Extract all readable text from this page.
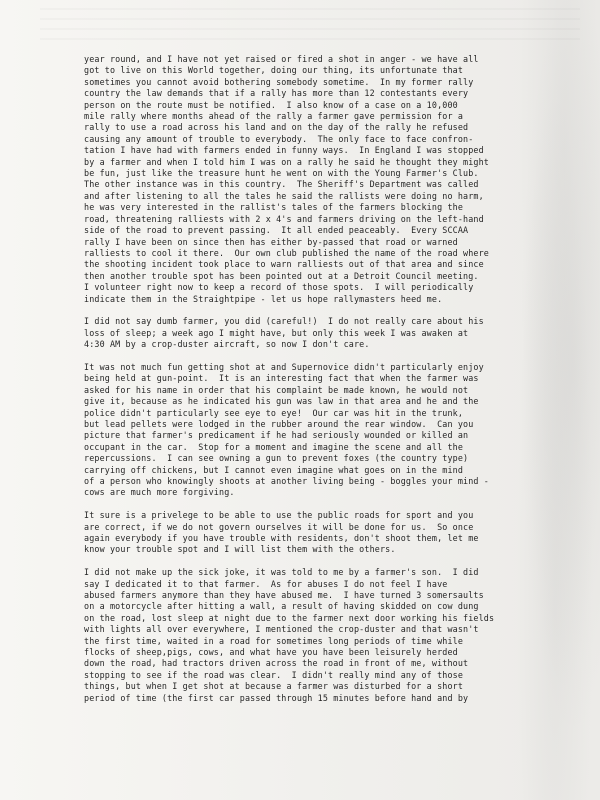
year round, and I have not yet raised or fired a shot in anger - we have all
got to live on this World together, doing our thing, its unfortunate that
sometimes you cannot avoid bothering somebody sometime.  In my former rally
country the law demands that if a rally has more than 12 contestants every
person on the route must be notified.  I also know of a case on a 10,000
mile rally where months ahead of the rally a farmer gave permission for a
rally to use a road across his land and on the day of the rally he refused
causing any amount of trouble to everybody.  The only face to face confron-
tation I have had with farmers ended in funny ways.  In England I was stopped
by a farmer and when I told him I was on a rally he said he thought they might
be fun, just like the treasure hunt he went on with the Young Farmer's Club.
The other instance was in this country.  The Sheriff's Department was called
and after listening to all the tales he said the rallists were doing no harm,
he was very interested in the rallist's tales of the farmers blocking the
road, threatening ralliests with 2 x 4's and farmers driving on the left-hand
side of the road to prevent passing.  It all ended peaceably.  Every SCCAA
rally I have been on since then has either by-passed that road or warned
ralliests to cool it there.  Our own club published the name of the road where
the shooting incident took place to warn ralliests out of that area and since
then another trouble spot has been pointed out at a Detroit Council meeting.
I volunteer right now to keep a record of those spots.  I will periodically
indicate them in the Straightpipe - let us hope rallymasters heed me.
I did not say dumb farmer, you did (careful!)  I do not really care about his
loss of sleep; a week ago I might have, but only this week I was awaken at
4:30 AM by a crop-duster aircraft, so now I don't care.
It was not much fun getting shot at and Supernovice didn't particularly enjoy
being held at gun-point.  It is an interesting fact that when the farmer was
asked for his name in order that his complaint be made known, he would not
give it, because as he indicated his gun was law in that area and he and the
police didn't particularly see eye to eye!  Our car was hit in the trunk,
but lead pellets were lodged in the rubber around the rear window.  Can you
picture that farmer's predicament if he had seriously wounded or killed an
occupant in the car.  Stop for a moment and imagine the scene and all the
repercussions.  I can see owning a gun to prevent foxes (the country type)
carrying off chickens, but I cannot even imagine what goes on in the mind
of a person who knowingly shoots at another living being - boggles your mind -
cows are much more forgiving.
It sure is a privelege to be able to use the public roads for sport and you
are correct, if we do not govern ourselves it will be done for us.  So once
again everybody if you have trouble with residents, don't shoot them, let me
know your trouble spot and I will list them with the others.
I did not make up the sick joke, it was told to me by a farmer's son.  I did
say I dedicated it to that farmer.  As for abuses I do not feel I have
abused farmers anymore than they have abused me.  I have turned 3 somersaults
on a motorcycle after hitting a wall, a result of having skidded on cow dung
on the road, lost sleep at night due to the farmer next door working his fields
with lights all over everywhere, I mentioned the crop-duster and that wasn't
the first time, waited in a road for sometimes long periods of time while
flocks of sheep,pigs, cows, and what have you have been leisurely herded
down the road, had tractors driven across the road in front of me, without
stopping to see if the road was clear.  I didn't really mind any of those
things, but when I get shot at because a farmer was disturbed for a short
period of time (the first car passed through 15 minutes before hand and by
